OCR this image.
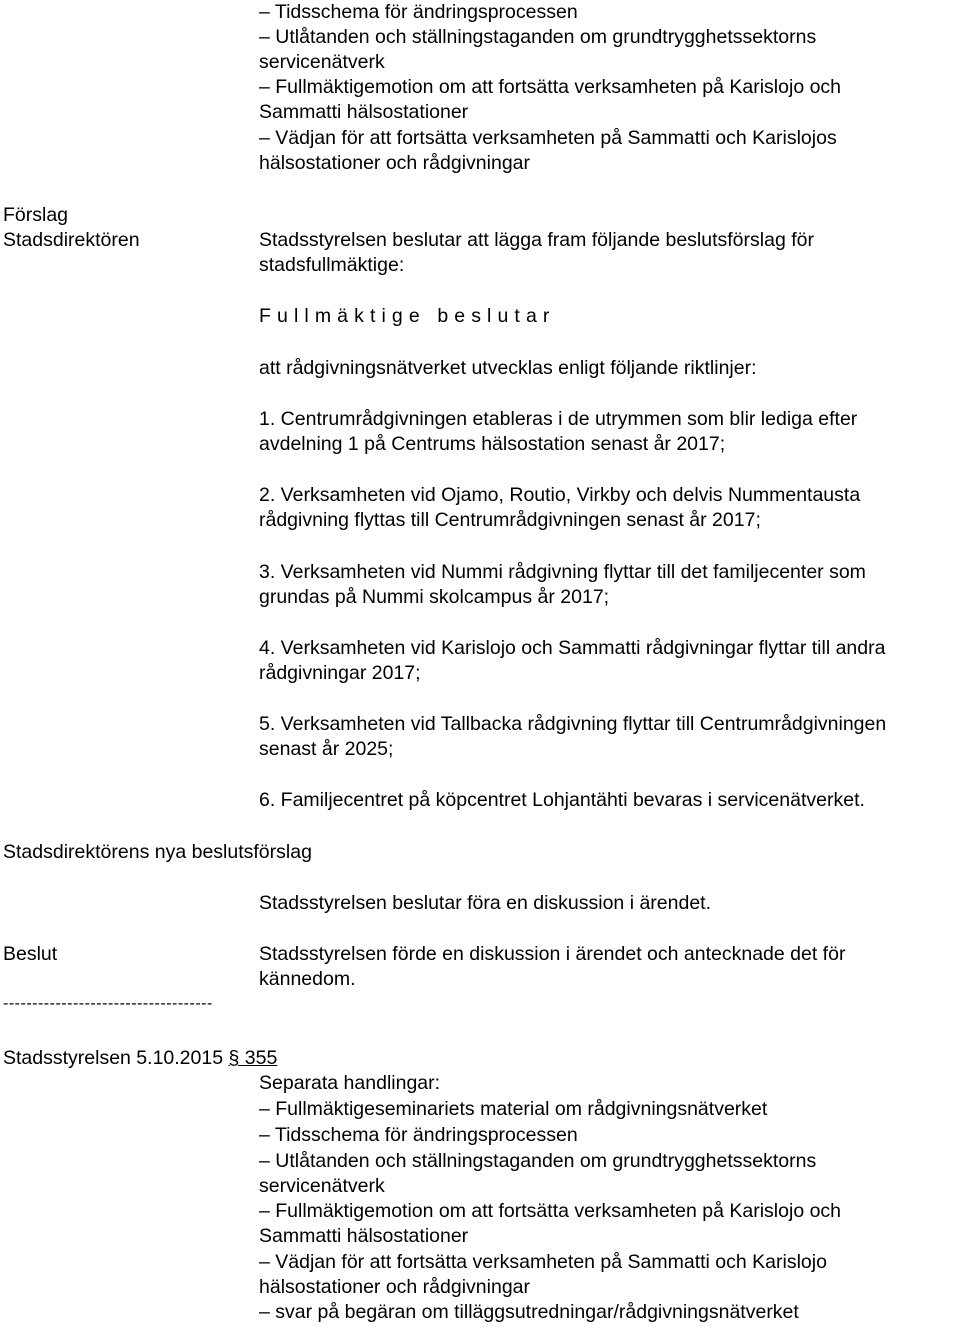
– Tidsschema för ändringsprocessen
– Utlåtanden och ställningstaganden om grundtrygghetssektorns
servicenätverk
– Fullmäktigemotion om att fortsätta verksamheten på Karislojo och
Sammatti hälsostationer
– Vädjan för att fortsätta verksamheten på Sammatti och Karislojos
hälsostationer och rådgivningar
Förslag
Stadsdirektören	Stadsstyrelsen beslutar att lägga fram följande beslutsförslag för
stadsfullmäktige:
Fullmäktige beslutar
att rådgivningsnätverket utvecklas enligt följande riktlinjer:
1. Centrumrådgivningen etableras i de utrymmen som blir lediga efter
avdelning 1 på Centrums hälsostation senast år 2017;
2. Verksamheten vid Ojamo, Routio, Virkby och delvis Nummentausta
rådgivning flyttas till Centrumrådgivningen senast år 2017;
3. Verksamheten vid Nummi rådgivning flyttar till det familjecenter som
grundas på Nummi skolcampus år 2017;
4. Verksamheten vid Karislojo och Sammatti rådgivningar flyttar till andra
rådgivningar 2017;
5. Verksamheten vid Tallbacka rådgivning flyttar till Centrumrådgivningen
senast år 2025;
6. Familjecentret på köpcentret Lohjantähti bevaras i servicenätverket.
Stadsdirektörens nya beslutsförslag
Stadsstyrelsen beslutar föra en diskussion i ärendet.
Beslut	Stadsstyrelsen förde en diskussion i ärendet och antecknade det för
kännedom.
------------------------------------
Stadsstyrelsen 5.10.2015 § 355
Separata handlingar:
– Fullmäktigeseminariets material om rådgivningsnätverket
– Tidsschema för ändringsprocessen
– Utlåtanden och ställningstaganden om grundtrygghetssektorns
servicenätverk
– Fullmäktigemotion om att fortsätta verksamheten på Karislojo och
Sammatti hälsostationer
– Vädjan för att fortsätta verksamheten på Sammatti och Karislojo
hälsostationer och rådgivningar
– svar på begäran om tilläggsutredningar/rådgivningsnätverket
